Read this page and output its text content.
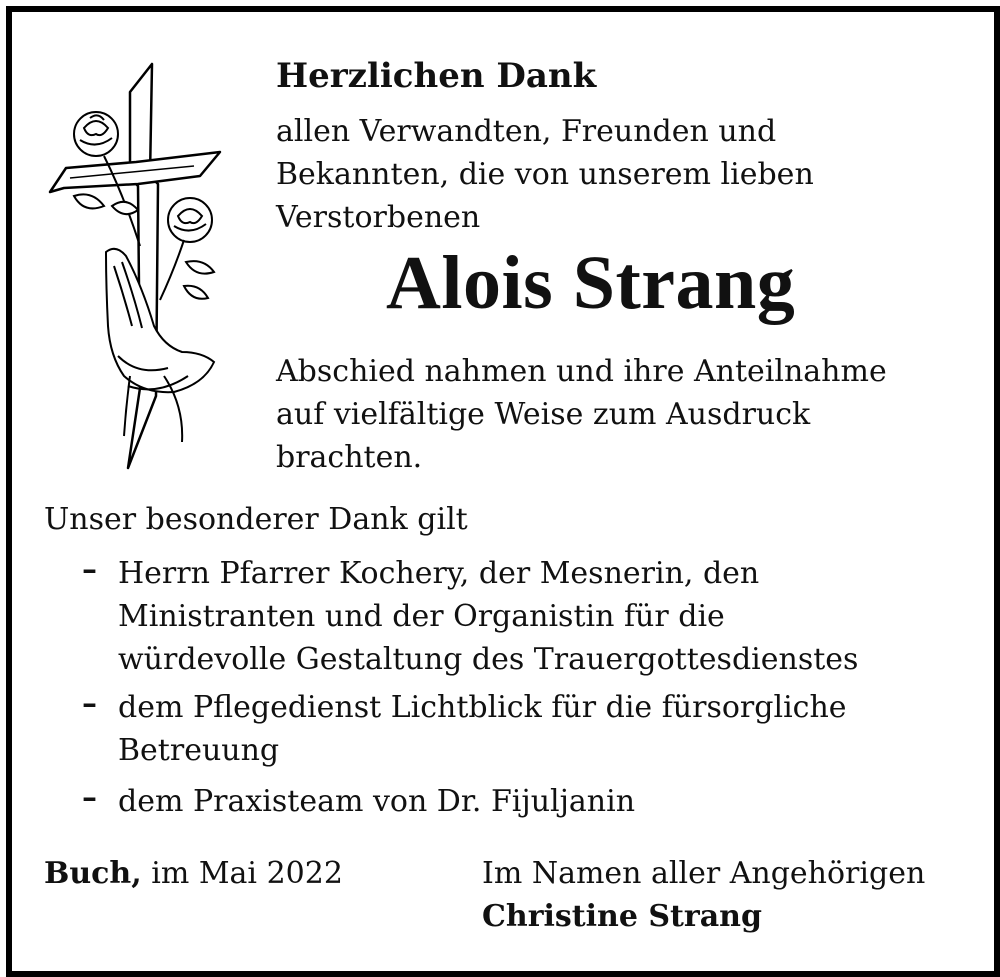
Herzlichen Dank
allen Verwandten, Freunden und
Bekannten, die von unserem lieben
Verstorbenen
Alois Strang
Abschied nahmen und ihre Anteilnahme
auf vielfältige Weise zum Ausdruck
brachten.
Unser besonderer Dank gilt
– Herrn Pfarrer Kochery, der Mesnerin, den
Ministranten und der Organistin für die
würdevolle Gestaltung des Trauergottesdienstes
– dem Pflegedienst Lichtblick für die fürsorgliche
Betreuung
– dem Praxisteam von Dr. Fijuljanin
Buch, im Mai 2022	Im Namen aller Angehörigen
Christine Strang
